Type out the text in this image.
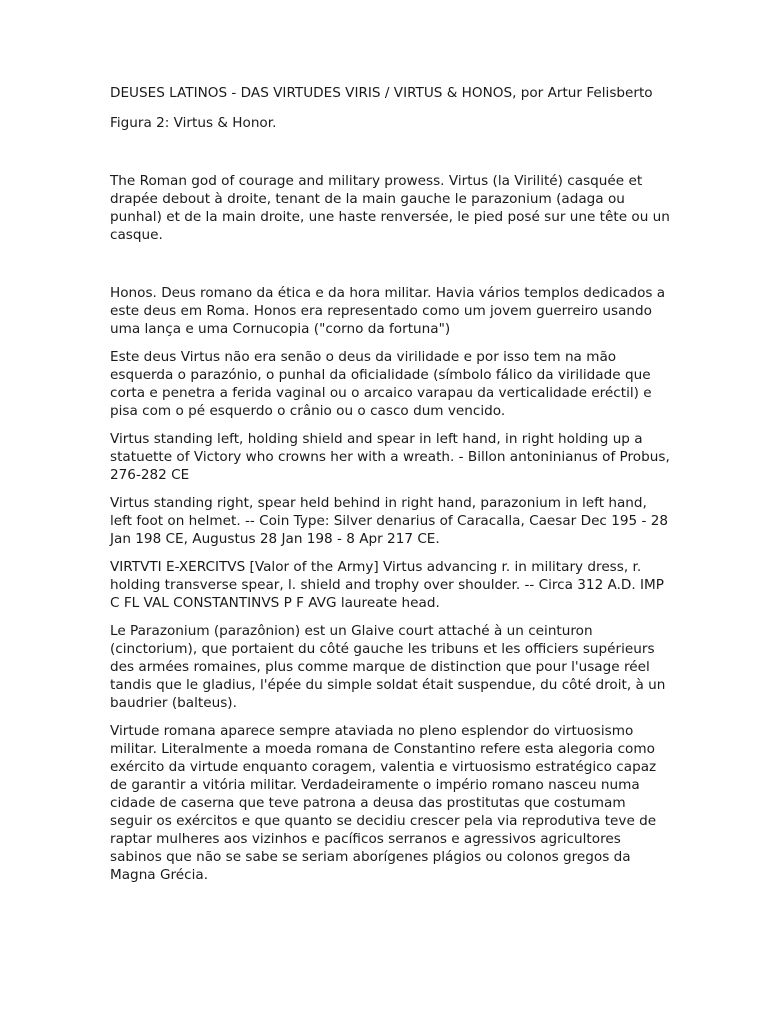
DEUSES LATINOS - DAS VIRTUDES VIRIS / VIRTUS & HONOS, por Artur Felisberto

Figura 2: Virtus & Honor.

The Roman god of courage and military prowess. Virtus (la Virilité) casquée et drapée debout à droite, tenant de la main gauche le parazonium (adaga ou punhal) et de la main droite, une haste renversée, le pied posé sur une tête ou un casque.

Honos. Deus romano da ética e da hora militar. Havia vários templos dedicados a este deus em Roma. Honos era representado como um jovem guerreiro usando uma lança e uma Cornucopia ("corno da fortuna")

Este deus Virtus não era senão o deus da virilidade e por isso tem na mão esquerda o parazónio, o punhal da oficialidade (símbolo fálico da virilidade que corta e penetra a ferida vaginal ou o arcaico varapau da verticalidade eréctil) e pisa com o pé esquerdo o crânio ou o casco dum vencido.

Virtus standing left, holding shield and spear in left hand, in right holding up a statuette of Victory who crowns her with a wreath. - Billon antoninianus of Probus, 276-282 CE

Virtus standing right, spear held behind in right hand, parazonium in left hand, left foot on helmet. -- Coin Type: Silver denarius of Caracalla, Caesar Dec 195 - 28 Jan 198 CE, Augustus 28 Jan 198 - 8 Apr 217 CE.

VIRTVTI E-XERCITVS [Valor of the Army] Virtus advancing r. in military dress, r. holding transverse spear, l. shield and trophy over shoulder. -- Circa 312 A.D. IMP C FL VAL CONSTANTINVS P F AVG laureate head.

Le Parazonium (parazônion) est un Glaive court attaché à un ceinturon (cinctorium), que portaient du côté gauche les tribuns et les officiers supérieurs des armées romaines, plus comme marque de distinction que pour l'usage réel tandis que le gladius, l'épée du simple soldat était suspendue, du côté droit, à un baudrier (balteus).

Virtude romana aparece sempre ataviada no pleno esplendor do virtuosismo militar. Literalmente a moeda romana de Constantino refere esta alegoria como exército da virtude enquanto coragem, valentia e virtuosismo estratégico capaz de garantir a vitória militar. Verdadeiramente o império romano nasceu numa cidade de caserna que teve patrona a deusa das prostitutas que costumam seguir os exércitos e que quanto se decidiu crescer pela via reprodutiva teve de raptar mulheres aos vizinhos e pacíficos serranos e agressivos agricultores sabinos que não se sabe se seriam aborígenes plágios ou colonos gregos da Magna Grécia.
